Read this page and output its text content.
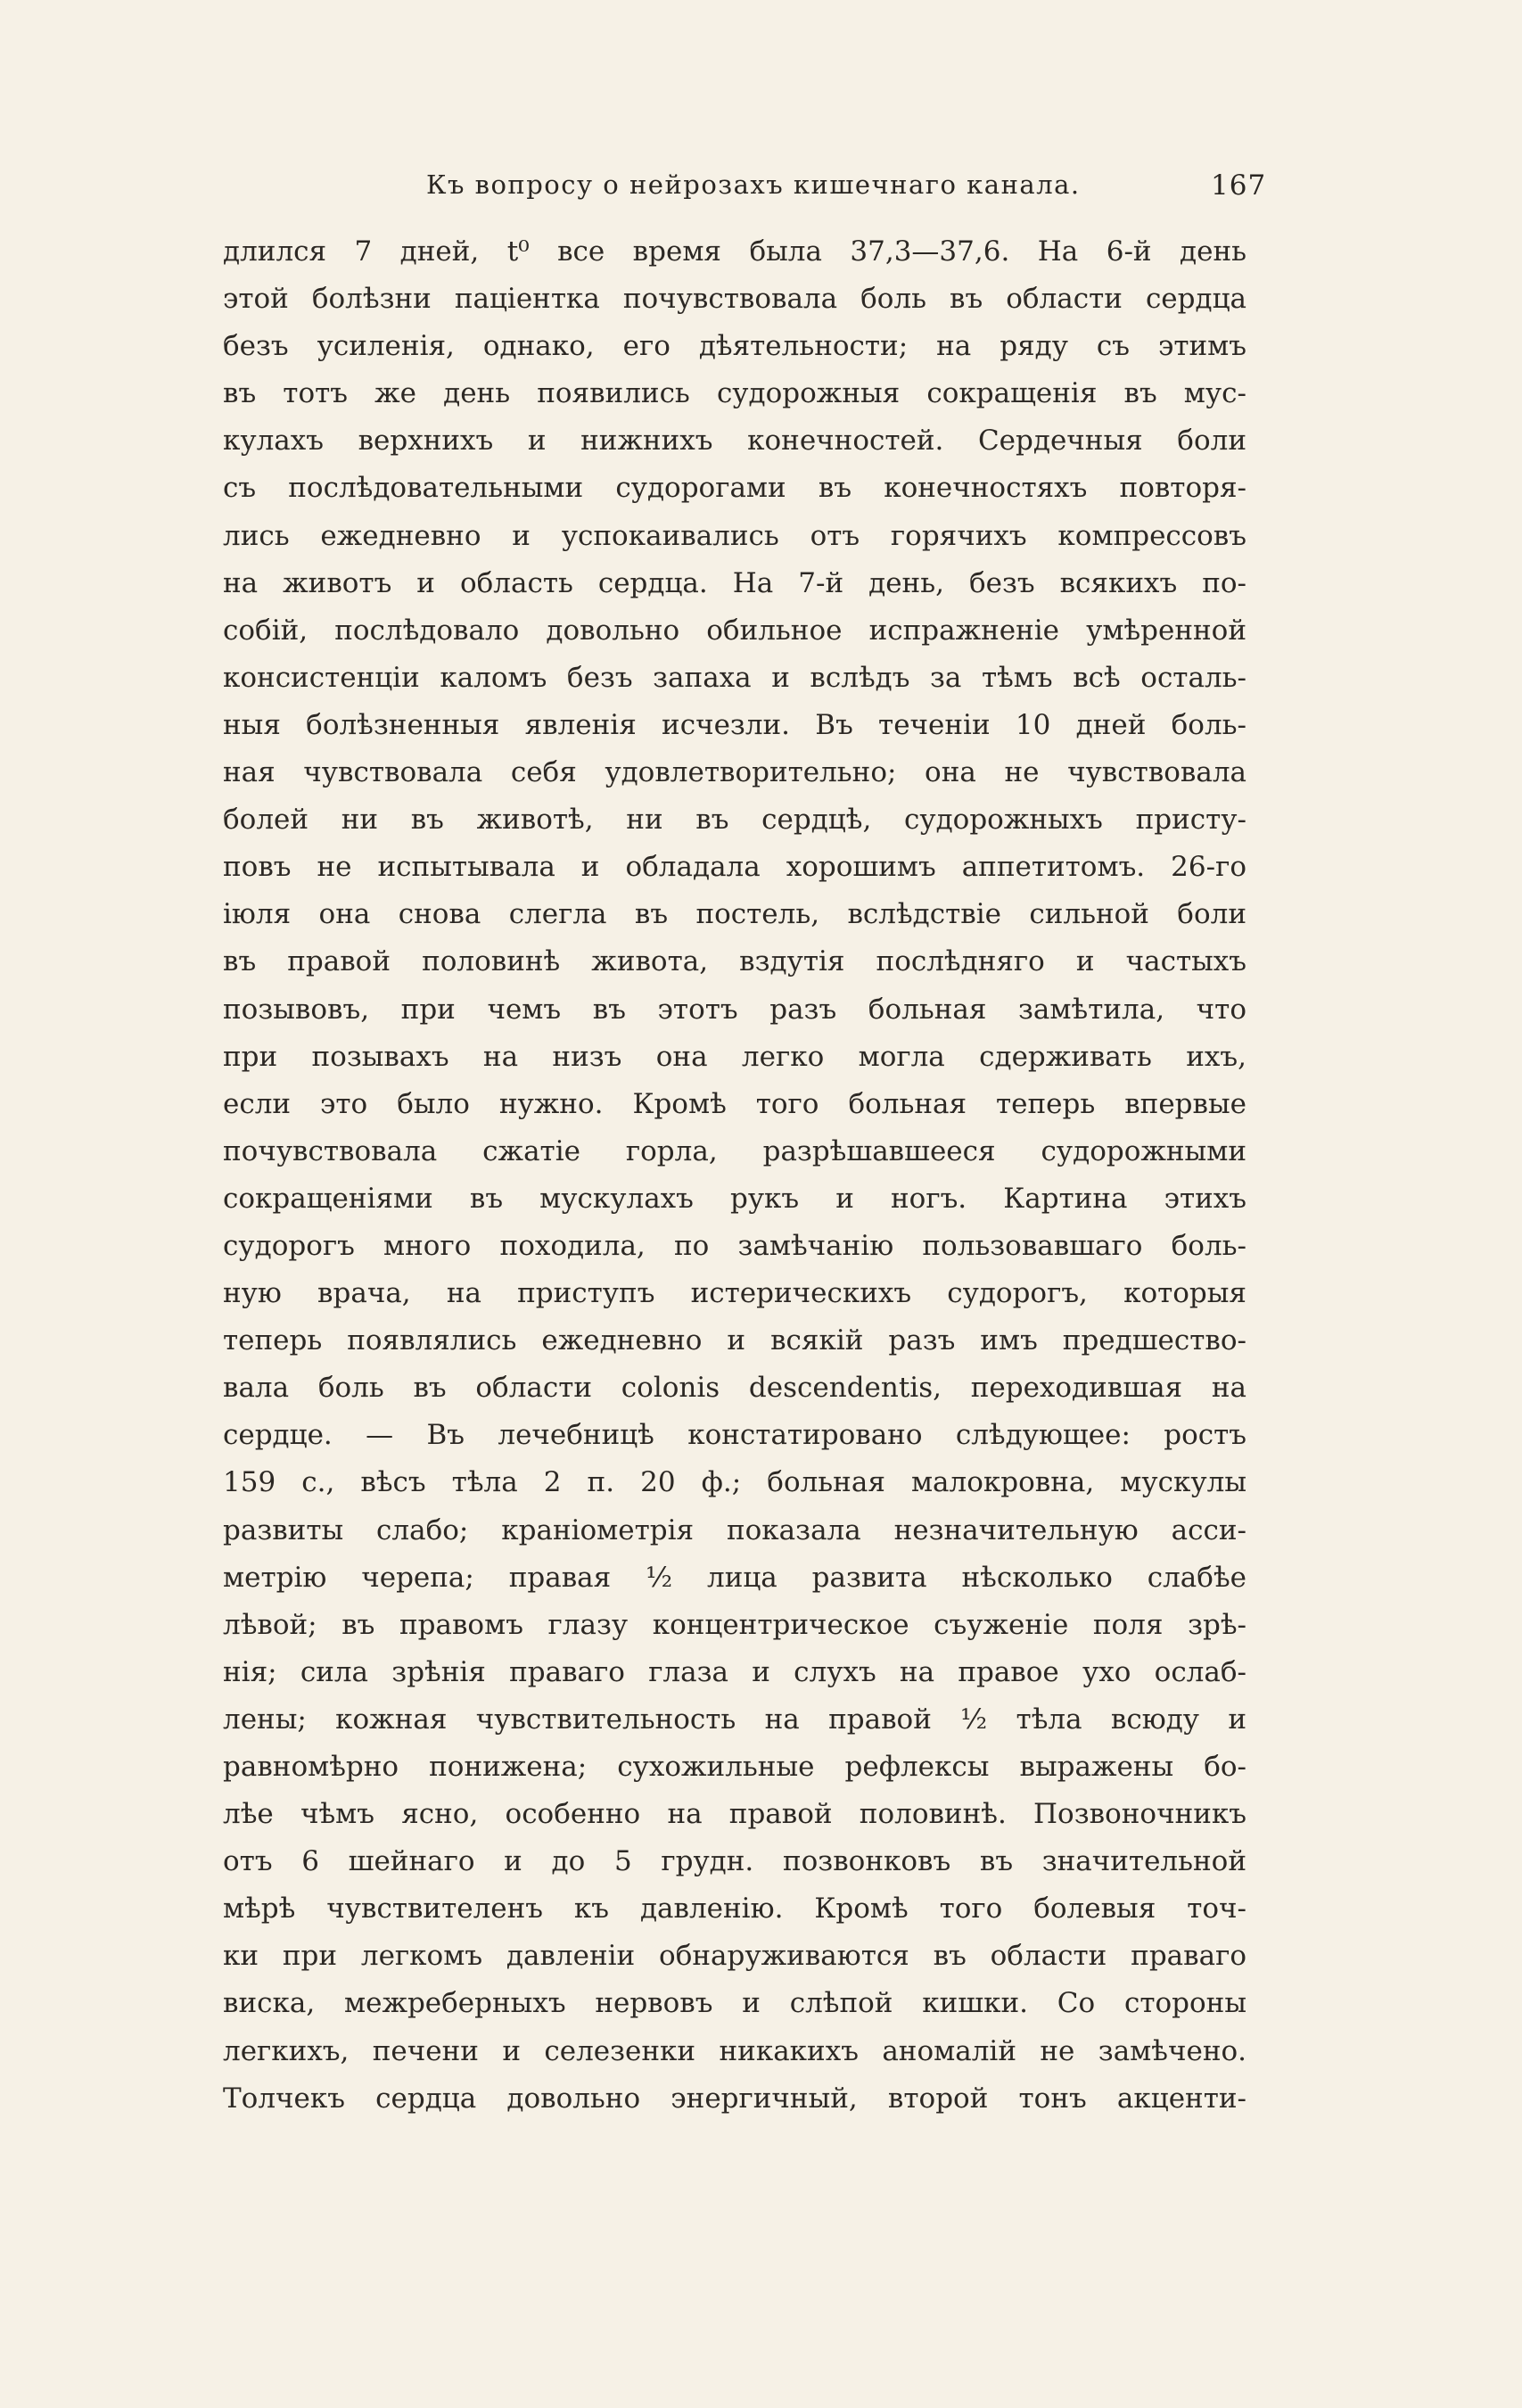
Къ вопросу о нейрозахъ кишечнаго канала.	167
длился 7 дней, t⁰ все время была 37,3—37,6. На 6-й день
этой болѣзни паціентка почувствовала боль въ области сердца
безъ усиленія, однако, его дѣятельности; на ряду съ этимъ
въ тотъ же день появились судорожныя сокращенія въ мус-
кулахъ верхнихъ и нижнихъ конечностей. Сердечныя боли
съ послѣдовательными судорогами въ конечностяхъ повторя-
лись ежедневно и успокаивались отъ горячихъ компрессовъ
на животъ и область сердца. На 7-й день, безъ всякихъ по-
собій, послѣдовало довольно обильное испражненіе умѣренной
консистенціи каломъ безъ запаха и вслѣдъ за тѣмъ всѣ осталь-
ныя болѣзненныя явленія исчезли. Въ теченіи 10 дней боль-
ная чувствовала себя удовлетворительно; она не чувствовала
болей ни въ животѣ, ни въ сердцѣ, судорожныхъ присту-
повъ не испытывала и обладала хорошимъ аппетитомъ. 26-го
іюля она снова слегла въ постель, вслѣдствіе сильной боли
въ правой половинѣ живота, вздутія послѣдняго и частыхъ
позывовъ, при чемъ въ этотъ разъ больная замѣтила, что
при позывахъ на низъ она легко могла сдерживать ихъ,
если это было нужно. Кромѣ того больная теперь впервые
почувствовала сжатіе горла, разрѣшавшееся судорожными
сокращеніями въ мускулахъ рукъ и ногъ. Картина этихъ
судорогъ много походила, по замѣчанію пользовавшаго боль-
ную врача, на приступъ истерическихъ судорогъ, которыя
теперь появлялись ежедневно и всякій разъ имъ предшество-
вала боль въ области colonis descendentis, переходившая на
сердце. — Въ лечебницѣ констатировано слѣдующее: ростъ
159 с., вѣсъ тѣла 2 п. 20 ф.; больная малокровна, мускулы
развиты слабо; краніометрія показала незначительную асси-
метрію черепа; правая ½ лица развита нѣсколько слабѣе
лѣвой; въ правомъ глазу концентрическое съуженіе поля зрѣ-
нія; сила зрѣнія праваго глаза и слухъ на правое ухо ослаб-
лены; кожная чувствительность на правой ½ тѣла всюду и
равномѣрно понижена; сухожильные рефлексы выражены бо-
лѣе чѣмъ ясно, особенно на правой половинѣ. Позвоночникъ
отъ 6 шейнаго и до 5 грудн. позвонковъ въ значительной
мѣрѣ чувствителенъ къ давленію. Кромѣ того болевыя точ-
ки при легкомъ давленіи обнаруживаются въ области праваго
виска, межреберныхъ нервовъ и слѣпой кишки. Со стороны
легкихъ, печени и селезенки никакихъ аномалій не замѣчено.
Толчекъ сердца довольно энергичный, второй тонъ акценти-
